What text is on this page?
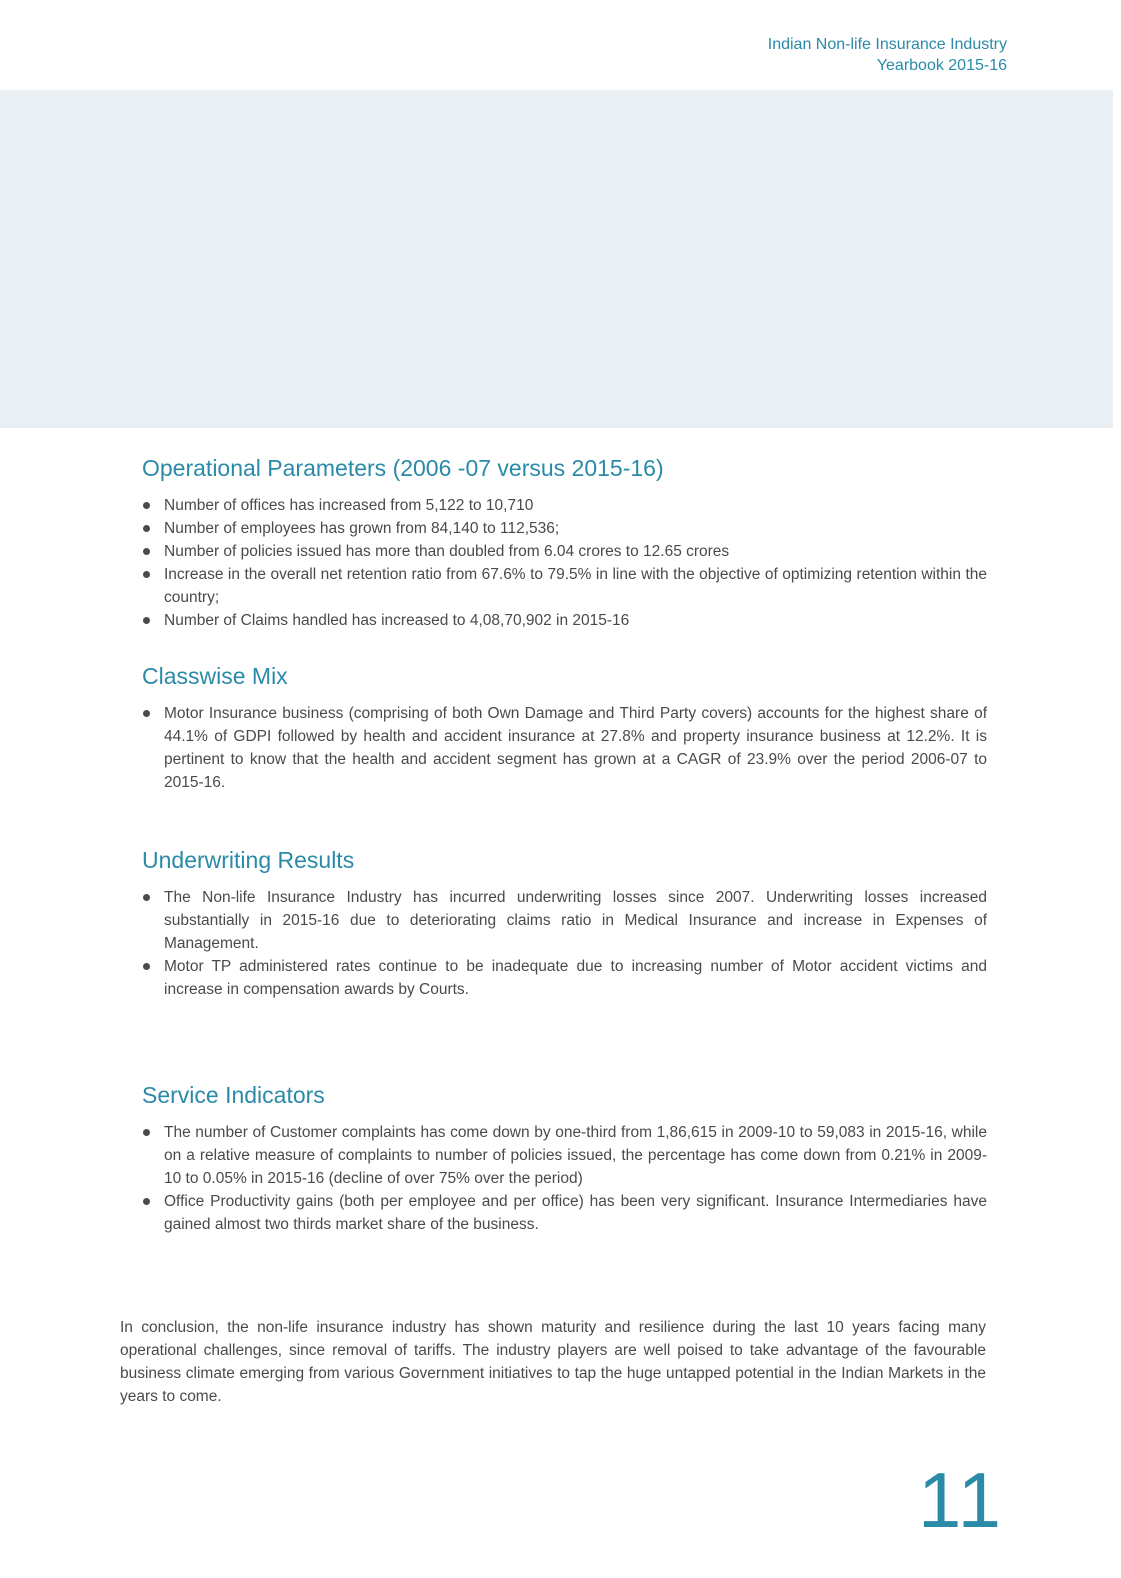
Indian Non-life Insurance Industry
Yearbook 2015-16
Operational Parameters (2006 -07 versus 2015-16)
Number of offices has increased from 5,122 to 10,710
Number of employees has grown from 84,140 to 112,536;
Number of policies issued has more than doubled from 6.04 crores to 12.65 crores
Increase in the overall net retention ratio from 67.6% to 79.5% in line with the objective of optimizing retention within the country;
Number of Claims handled has increased to 4,08,70,902 in 2015-16
Classwise Mix
Motor Insurance business (comprising of both Own Damage and Third Party covers) accounts for the highest share of 44.1% of GDPI followed by health and accident insurance at 27.8% and property insurance business at 12.2%. It is pertinent to know that the health and accident segment has grown at a CAGR of 23.9% over the period 2006-07 to 2015-16.
Underwriting Results
The Non-life Insurance Industry has incurred underwriting losses since 2007. Underwriting losses increased substantially in 2015-16 due to deteriorating claims ratio in Medical Insurance and increase in Expenses of Management.
Motor TP administered rates continue to be inadequate due to increasing number of Motor accident victims and increase in compensation awards by Courts.
Service Indicators
The number of Customer complaints has come down by one-third from 1,86,615 in 2009-10 to 59,083 in 2015-16, while on a relative measure of complaints to number of policies issued, the percentage has come down from 0.21% in 2009-10 to 0.05% in 2015-16 (decline of over 75% over the period)
Office Productivity gains (both per employee and per office) has been very significant. Insurance Intermediaries have gained almost two thirds market share of the business.

In conclusion, the non-life insurance industry has shown maturity and resilience during the last 10 years facing many operational challenges, since removal of tariffs. The industry players are well poised to take advantage of the favourable business climate emerging from various Government initiatives to tap the huge untapped potential in the Indian Markets in the years to come.

11
